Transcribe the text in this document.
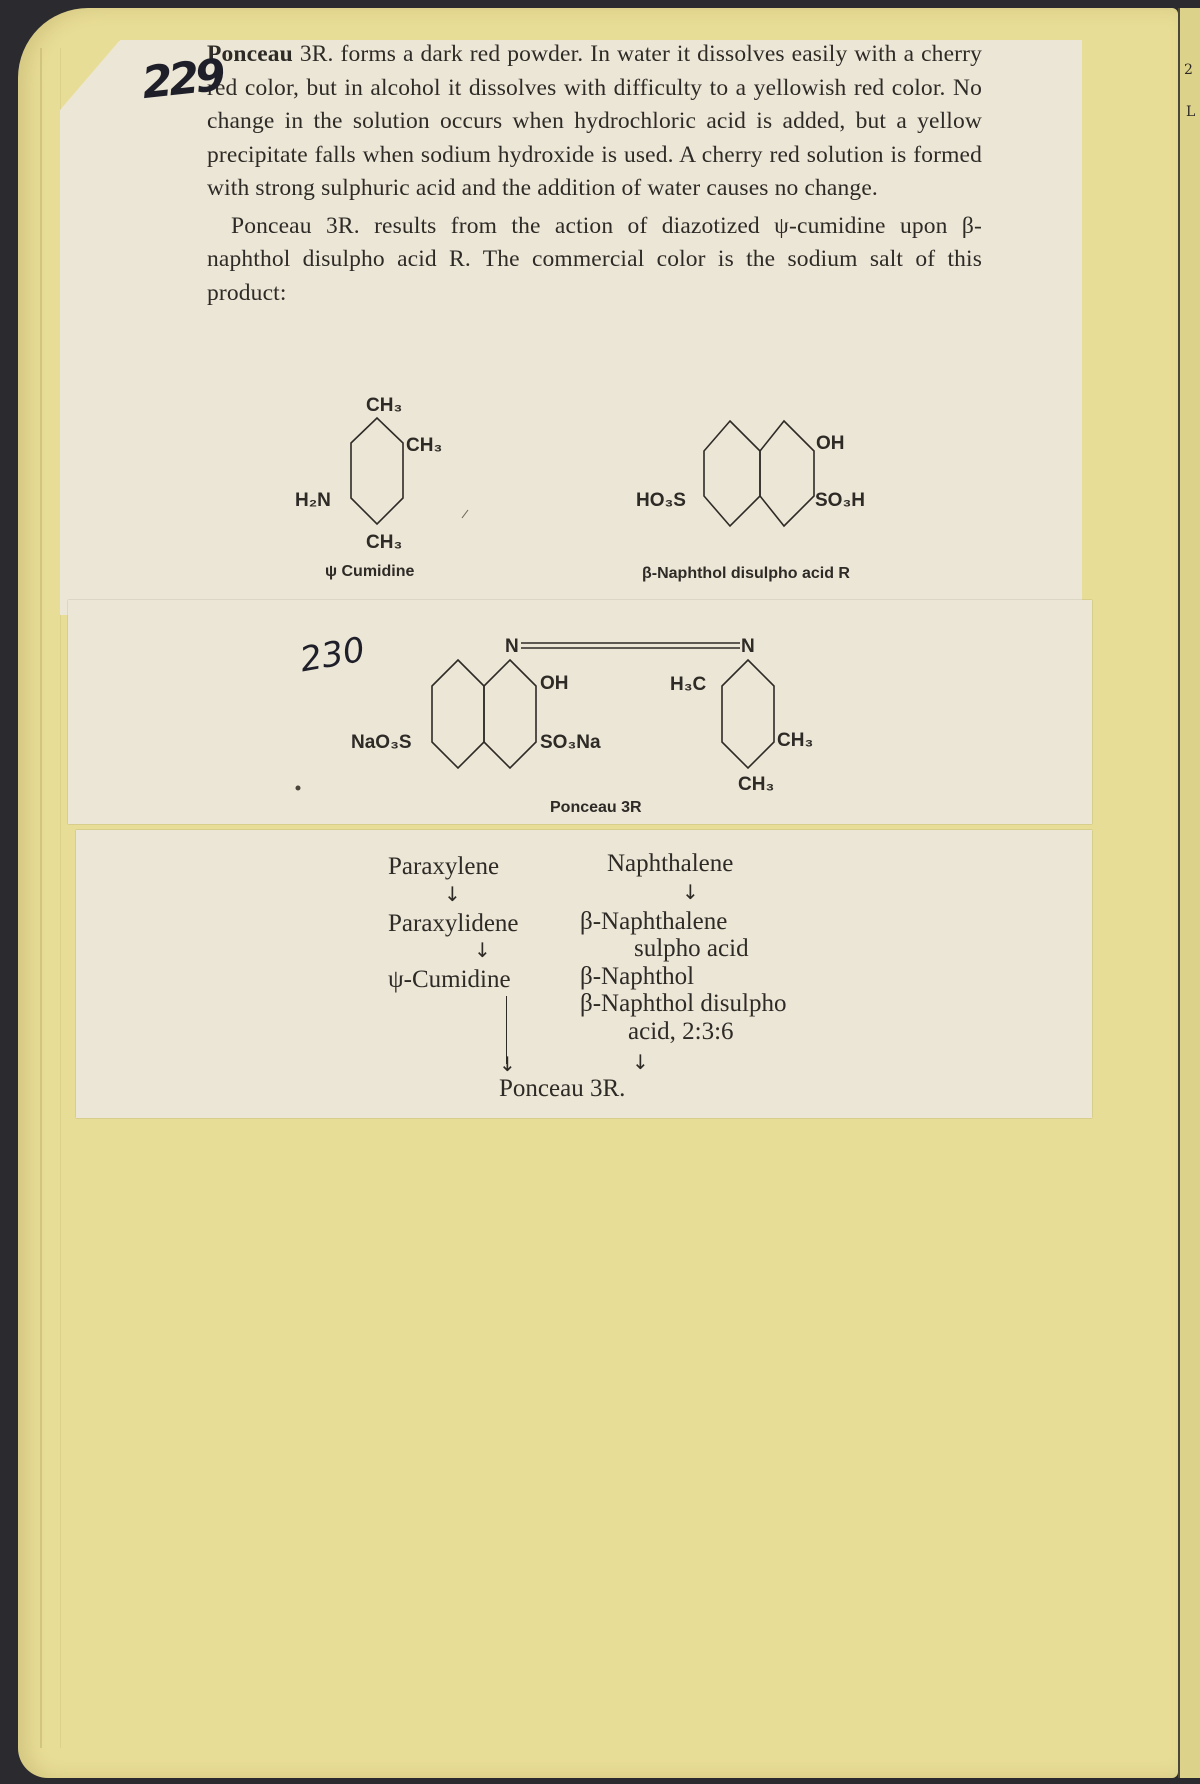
2
L

Ponceau 3R. forms a dark red powder. In water it dissolves easily with a cherry red color, but in alcohol it dissolves with difficulty to a yellowish red color. No change in the solution occurs when hydrochloric acid is added, but a yellow precipitate falls when sodium hydroxide is used. A cherry red solution is formed with strong sulphuric acid and the addition of water causes no change.

Ponceau 3R. results from the action of diazotized ψ-cumidine upon β-naphthol disulpho acid R. The commercial color is the sodium salt of this product:

229
CH₃
CH₃
H₂N
CH₃
ψ Cumidine
OH
HO₃S	SO₃H
β-Naphthol disulpho acid R
230	N	N
OH
NaO₃S	SO₃Na
H₃C
CH₃
CH₃
Ponceau 3R
Paraxylene
↓
Paraxylidene
↓
ψ-Cumidine
↓
Naphthalene
↓
β-Naphthalene
sulpho acid
β-Naphthol
β-Naphthol disulpho
acid, 2:3:6
↓
Ponceau 3R.
